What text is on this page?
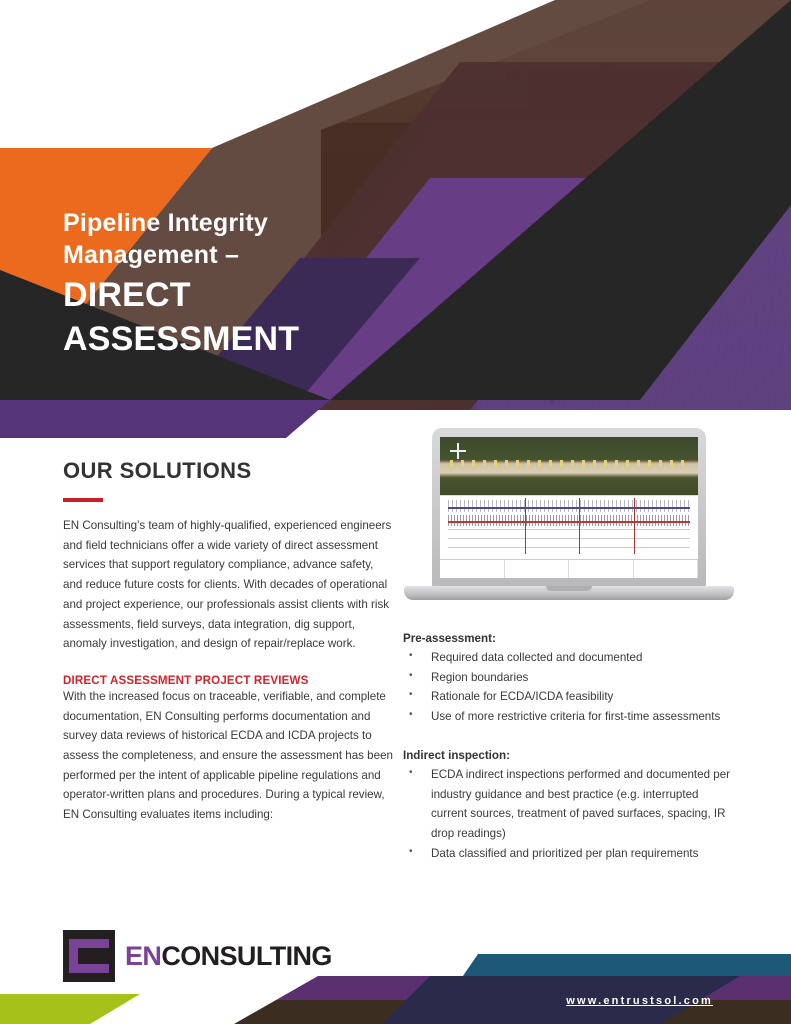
Pipeline Integrity
Management –
DIRECT
ASSESSMENT
OUR SOLUTIONS
EN Consulting's team of highly-qualified, experienced engineers and field technicians offer a wide variety of direct assessment services that support regulatory compliance, advance safety, and reduce future costs for clients. With decades of operational and project experience, our professionals assist clients with risk assessments, field surveys, data integration, dig support, anomaly investigation, and design of repair/replace work.
DIRECT ASSESSMENT PROJECT REVIEWS
With the increased focus on traceable, verifiable, and complete documentation, EN Consulting performs documentation and survey data reviews of historical ECDA and ICDA projects to assess the completeness, and ensure the assessment has been performed per the intent of applicable pipeline regulations and operator-written plans and procedures. During a typical review, EN Consulting evaluates items including:
Pre-assessment:
• Required data collected and documented
• Region boundaries
• Rationale for ECDA/ICDA feasibility
• Use of more restrictive criteria for first-time assessments
Indirect inspection:
• ECDA indirect inspections performed and documented per industry guidance and best practice (e.g. interrupted current sources, treatment of paved surfaces, spacing, IR drop readings)
• Data classified and prioritized per plan requirements
ENCONSULTING
www.entrustsol.com
